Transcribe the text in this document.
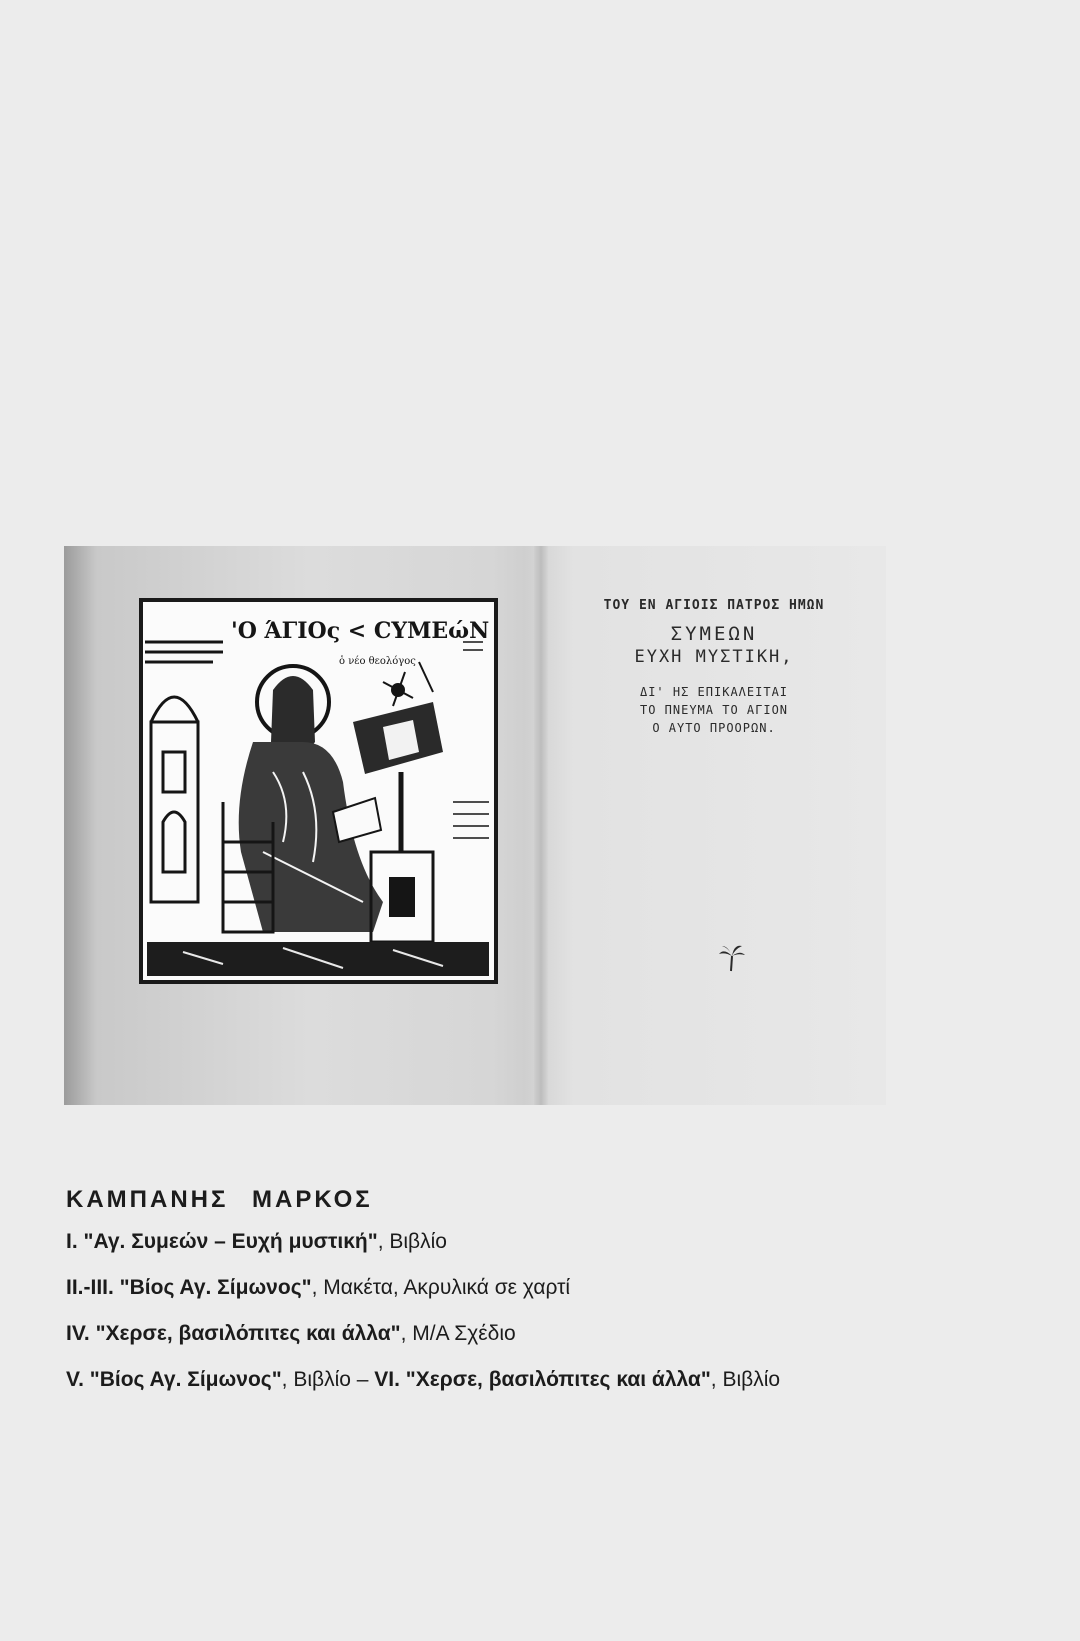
'O ΆΓΙΟς < CΥΜΕώΝ
ὁ νέο θεολόγος
ΤΟΥ ΕΝ ΑΓΙΟΙΣ ΠΑΤΡΟΣ ΗΜΩΝ
ΣΥΜΕΩΝ
ΕΥΧΗ ΜΥΣΤΙΚΗ,
ΔΙ' ΗΣ ΕΠΙΚΑΛΕΙΤΑΙ
ΤΟ ΠΝΕΥΜΑ ΤΟ ΑΓΙΟΝ
Ο ΑΥΤΟ ΠΡΟΟΡΩΝ.
ΚΑΜΠΑΝΗΣ ΜΑΡΚΟΣ
I. "Αγ. Συμεών – Ευχή μυστική", Βιβλίο
II.-III. "Βίος Αγ. Σίμωνος", Μακέτα, Ακρυλικά σε χαρτί
IV. "Χερσε, βασιλόπιτες και άλλα", Μ/Α Σχέδιο
V. "Βίος Αγ. Σίμωνος", Βιβλίο – VI. "Χερσε, βασιλόπιτες και άλλα", Βιβλίο
